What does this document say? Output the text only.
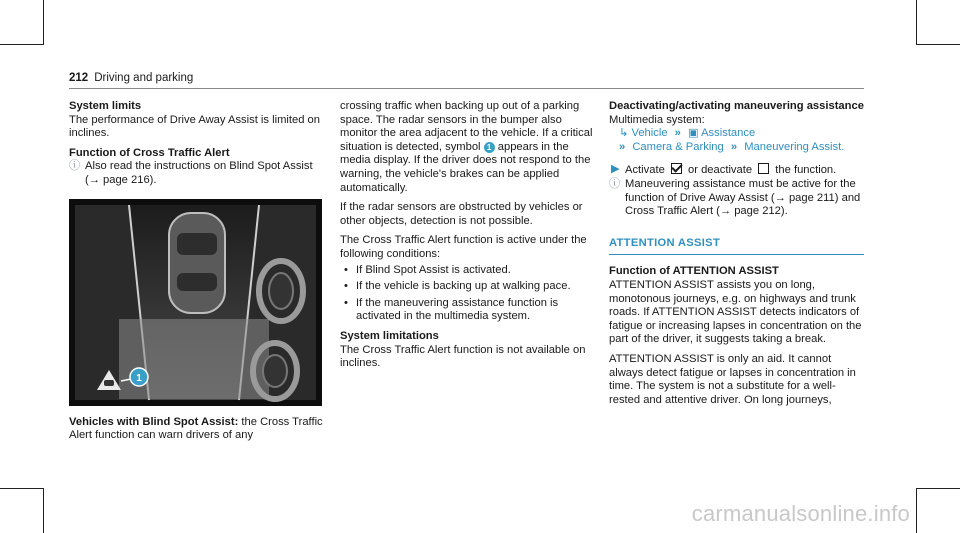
212 Driving and parking

System limits

The performance of Drive Away Assist is limited on inclines.

Function of Cross Traffic Alert

ⓘ Also read the instructions on Blind Spot Assist (→ page 216).
1

Vehicles with Blind Spot Assist: the Cross Traffic Alert function can warn drivers of any

crossing traffic when backing up out of a parking space. The radar sensors in the bumper also monitor the area adjacent to the vehicle. If a critical situation is detected, symbol 1 appears in the media display. If the driver does not respond to the warning, the vehicle's brakes can be applied automatically.

If the radar sensors are obstructed by vehicles or other objects, detection is not possible.

The Cross Traffic Alert function is active under the following conditions:

• If Blind Spot Assist is activated.
• If the vehicle is backing up at walking pace.
• If the maneuvering assistance function is activated in the multimedia system.

System limitations

The Cross Traffic Alert function is not available on inclines.

Deactivating/activating maneuvering assistance

Multimedia system:

↳ Vehicle » ▣ Assistance

» Camera & Parking » Maneuvering Assist.

▶ Activate or deactivate the function.
ⓘ Maneuvering assistance must be active for the function of Drive Away Assist (→ page 211) and Cross Traffic Alert (→ page 212).

ATTENTION ASSIST

Function of ATTENTION ASSIST

ATTENTION ASSIST assists you on long, monotonous journeys, e.g. on highways and trunk roads. If ATTENTION ASSIST detects indicators of fatigue or increasing lapses in concentration on the part of the driver, it suggests taking a break.

ATTENTION ASSIST is only an aid. It cannot always detect fatigue or lapses in concentration in time. The system is not a substitute for a well-rested and attentive driver. On long journeys,

carmanualsonline.info
